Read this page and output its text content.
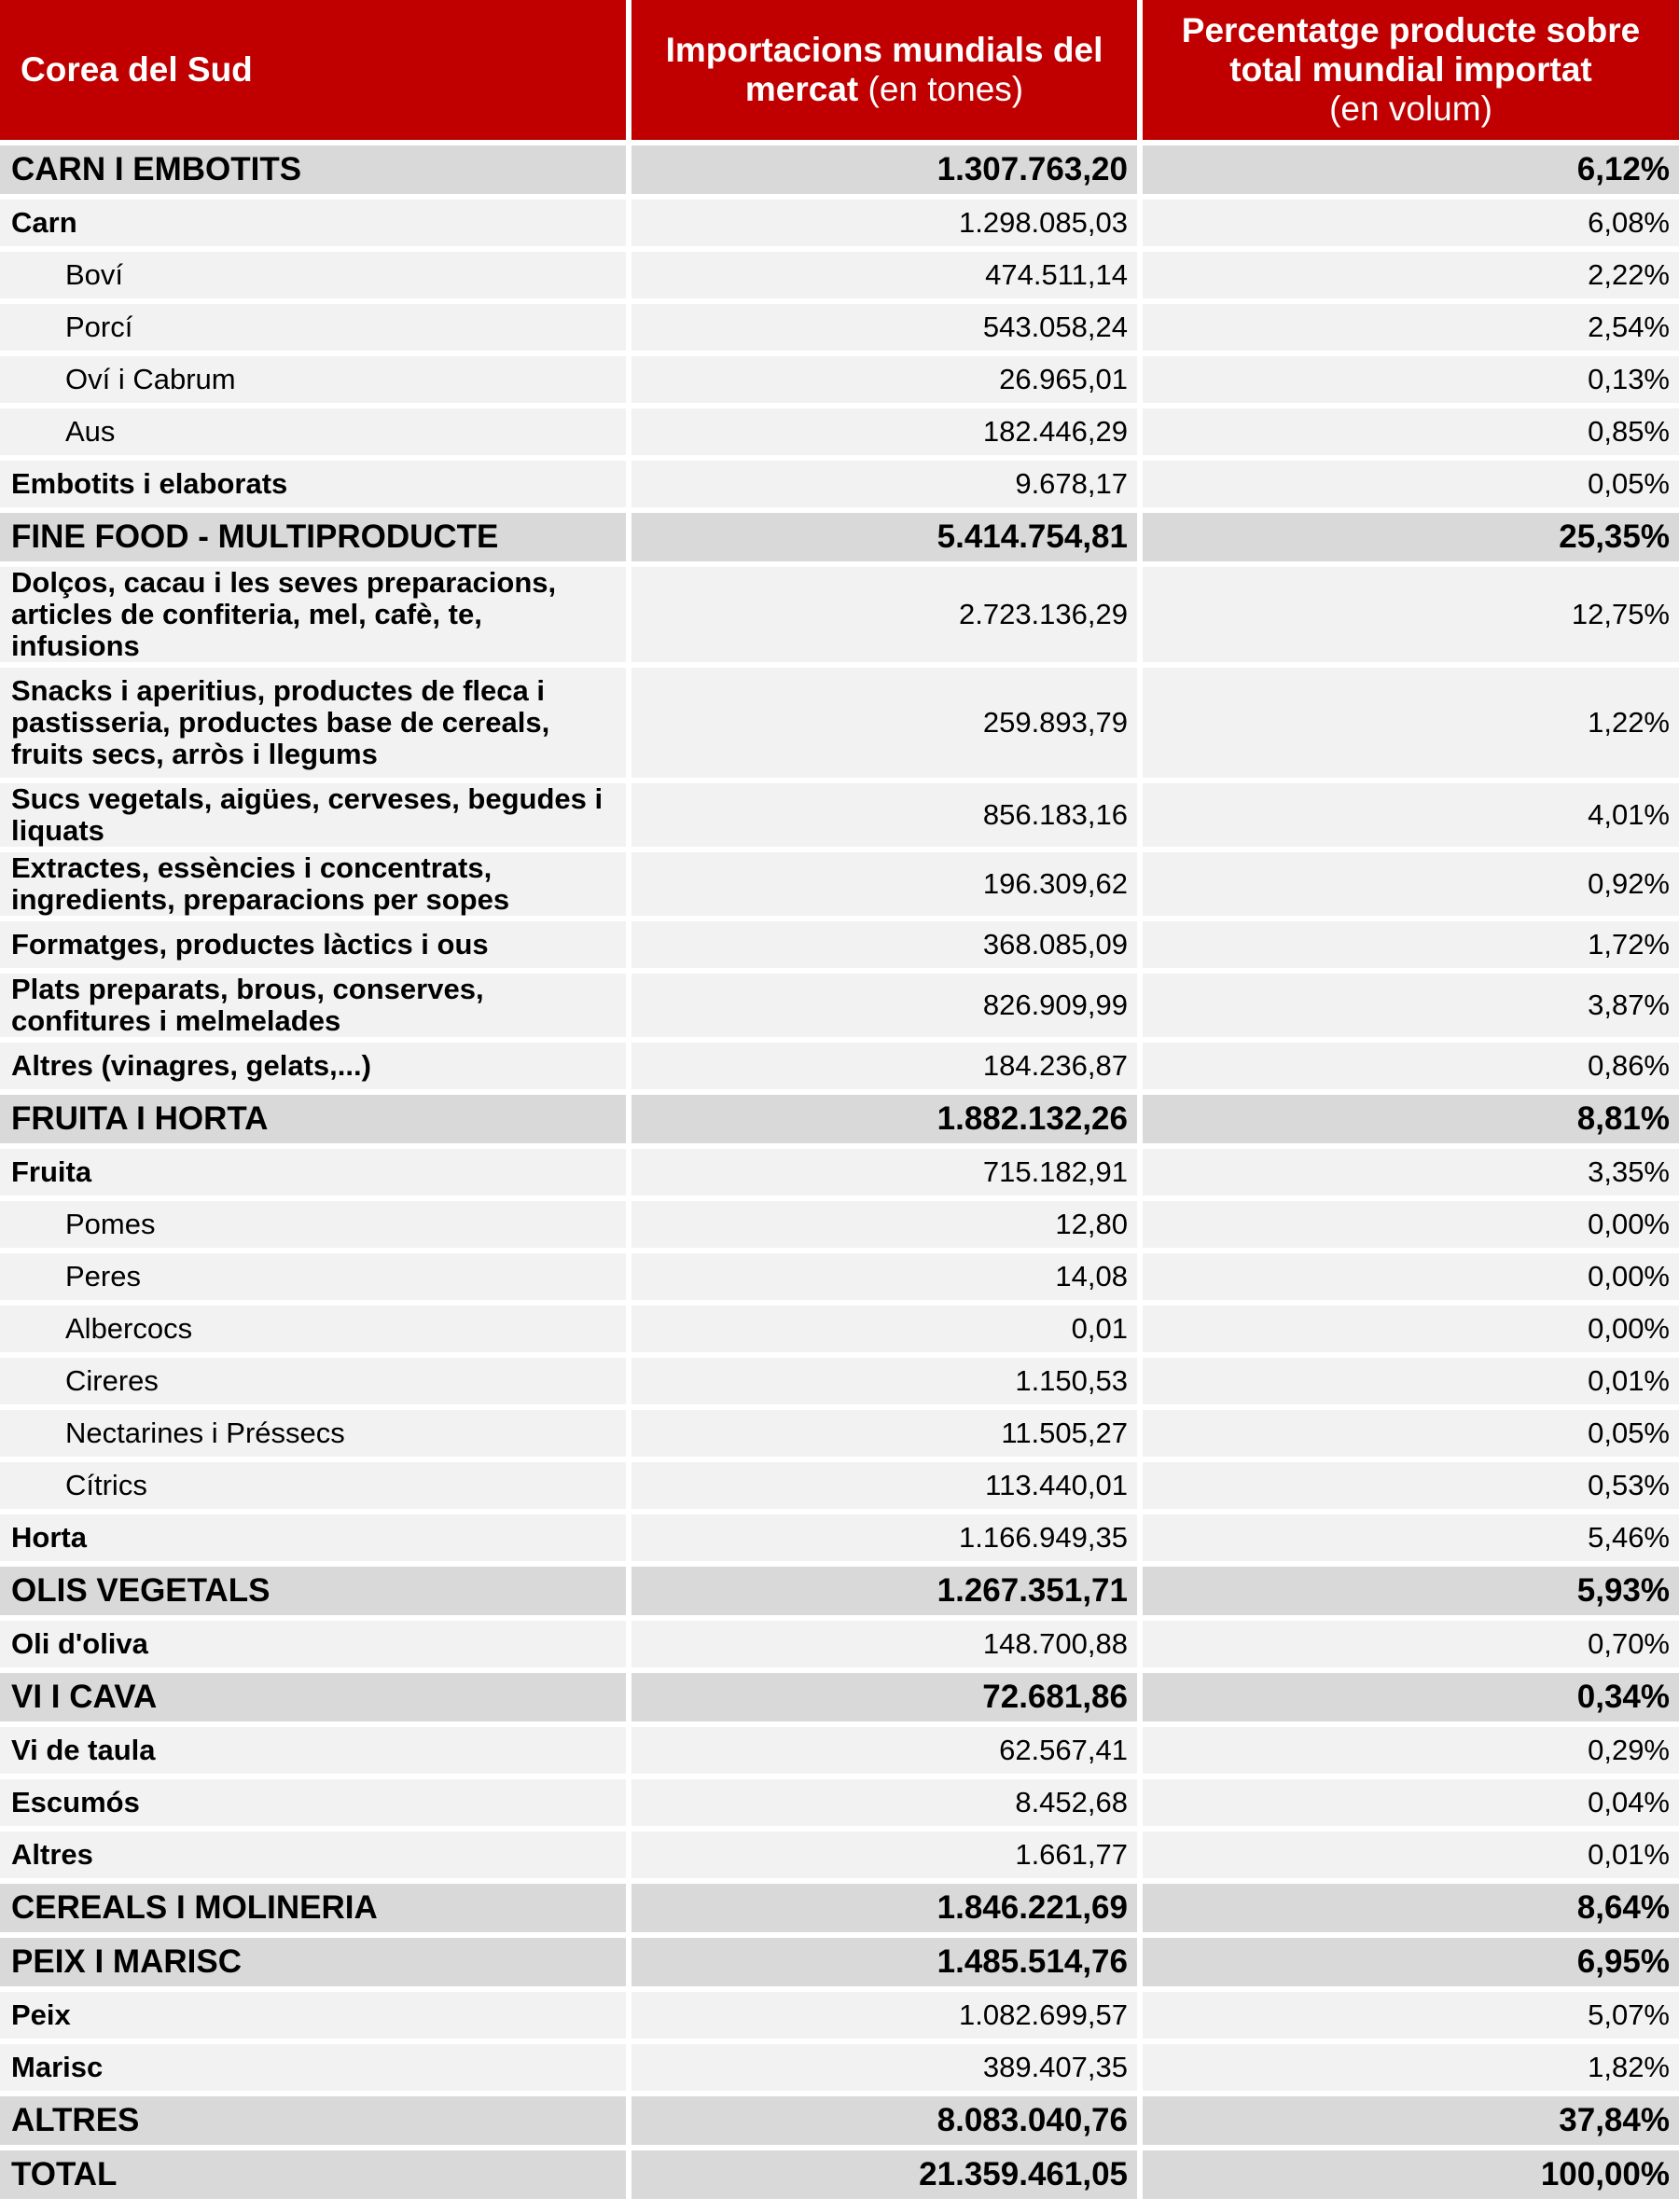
Corea del Sud	Importacions mundials del mercat (en tones)	Percentatge producte sobre total mundial importat
(en volum)
CARN I EMBOTITS	1.307.763,20	6,12%
Carn	1.298.085,03	6,08%
Boví	474.511,14	2,22%
Porcí	543.058,24	2,54%
Oví i Cabrum	26.965,01	0,13%
Aus	182.446,29	0,85%
Embotits i elaborats	9.678,17	0,05%
FINE FOOD - MULTIPRODUCTE	5.414.754,81	25,35%
Dolços, cacau i les seves preparacions, articles de confiteria, mel, cafè, te, infusions	2.723.136,29	12,75%
Snacks i aperitius, productes de fleca i pastisseria, productes base de cereals, fruits secs, arròs i llegums	259.893,79	1,22%
Sucs vegetals, aigües, cerveses, begudes i liquats	856.183,16	4,01%
Extractes, essències i concentrats, ingredients, preparacions per sopes	196.309,62	0,92%
Formatges, productes làctics i ous	368.085,09	1,72%
Plats preparats, brous, conserves, confitures i melmelades	826.909,99	3,87%
Altres (vinagres, gelats,...)	184.236,87	0,86%
FRUITA I HORTA	1.882.132,26	8,81%
Fruita	715.182,91	3,35%
Pomes	12,80	0,00%
Peres	14,08	0,00%
Albercocs	0,01	0,00%
Cireres	1.150,53	0,01%
Nectarines i Préssecs	11.505,27	0,05%
Cítrics	113.440,01	0,53%
Horta	1.166.949,35	5,46%
OLIS VEGETALS	1.267.351,71	5,93%
Oli d'oliva	148.700,88	0,70%
VI I CAVA	72.681,86	0,34%
Vi de taula	62.567,41	0,29%
Escumós	8.452,68	0,04%
Altres	1.661,77	0,01%
CEREALS I MOLINERIA	1.846.221,69	8,64%
PEIX I MARISC	1.485.514,76	6,95%
Peix	1.082.699,57	5,07%
Marisc	389.407,35	1,82%
ALTRES	8.083.040,76	37,84%
TOTAL	21.359.461,05	100,00%
